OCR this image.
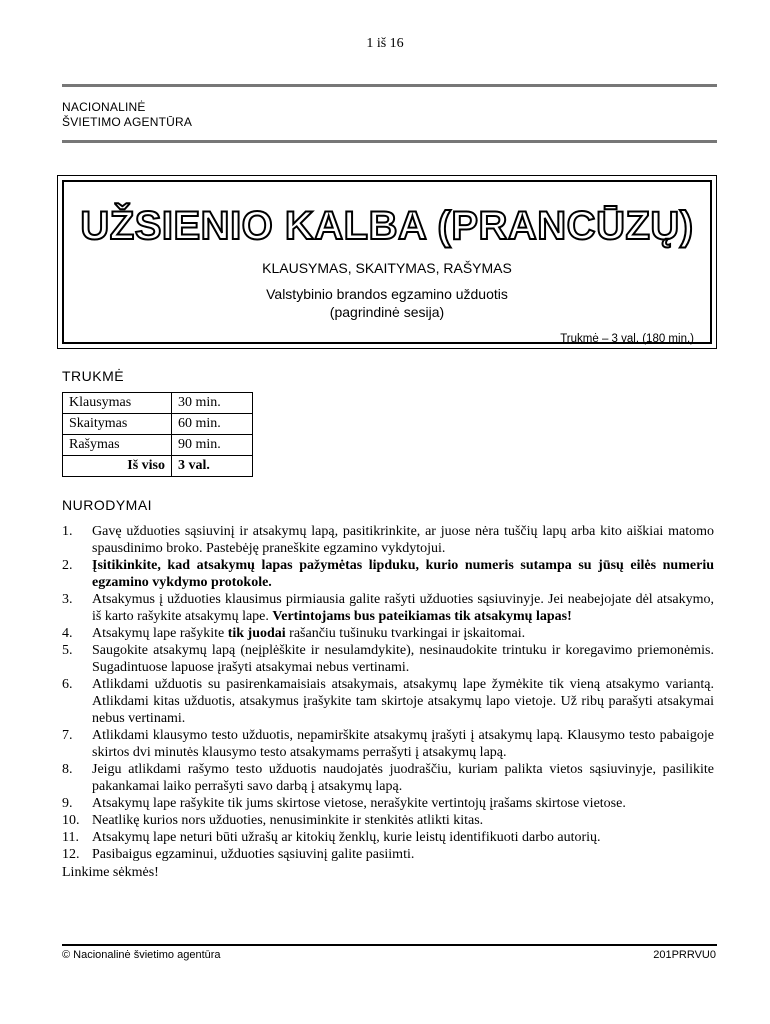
1 iš 16
NACIONALINĖ
ŠVIETIMO AGENTŪRA
UŽSIENIO KALBA (PRANCŪZŲ)
KLAUSYMAS, SKAITYMAS, RAŠYMAS
Valstybinio brandos egzamino užduotis
(pagrindinė sesija)
Trukmė – 3 val. (180 min.)
TRUKMĖ
Klausymas	30 min.
Skaitymas	60 min.
Rašymas	90 min.
Iš viso	3 val.
NURODYMAI
1. Gavę užduoties sąsiuvinį ir atsakymų lapą, pasitikrinkite, ar juose nėra tuščių lapų arba kito aiškiai matomo spausdinimo broko. Pastebėję praneškite egzamino vykdytojui.
2. Įsitikinkite, kad atsakymų lapas pažymėtas lipduku, kurio numeris sutampa su jūsų eilės numeriu egzamino vykdymo protokole.
3. Atsakymus į užduoties klausimus pirmiausia galite rašyti užduoties sąsiuvinyje. Jei neabejojate dėl atsakymo, iš karto rašykite atsakymų lape. Vertintojams bus pateikiamas tik atsakymų lapas!
4. Atsakymų lape rašykite tik juodai rašančiu tušinuku tvarkingai ir įskaitomai.
5. Saugokite atsakymų lapą (neįplėškite ir nesulamdykite), nesinaudokite trintuku ir koregavimo priemonėmis. Sugadintuose lapuose įrašyti atsakymai nebus vertinami.
6. Atlikdami užduotis su pasirenkamaisiais atsakymais, atsakymų lape žymėkite tik vieną atsakymo variantą. Atlikdami kitas užduotis, atsakymus įrašykite tam skirtoje atsakymų lapo vietoje. Už ribų parašyti atsakymai nebus vertinami.
7. Atlikdami klausymo testo užduotis, nepamirškite atsakymų įrašyti į atsakymų lapą. Klausymo testo pabaigoje skirtos dvi minutės klausymo testo atsakymams perrašyti į atsakymų lapą.
8. Jeigu atlikdami rašymo testo užduotis naudojatės juodraščiu, kuriam palikta vietos sąsiuvinyje, pasilikite pakankamai laiko perrašyti savo darbą į atsakymų lapą.
9. Atsakymų lape rašykite tik jums skirtose vietose, nerašykite vertintojų įrašams skirtose vietose.
10. Neatlikę kurios nors užduoties, nenusiminkite ir stenkitės atlikti kitas.
11. Atsakymų lape neturi būti užrašų ar kitokių ženklų, kurie leistų identifikuoti darbo autorių.
12. Pasibaigus egzaminui, užduoties sąsiuvinį galite pasiimti.
Linkime sėkmės!
© Nacionalinė švietimo agentūra	201PRRVU0
